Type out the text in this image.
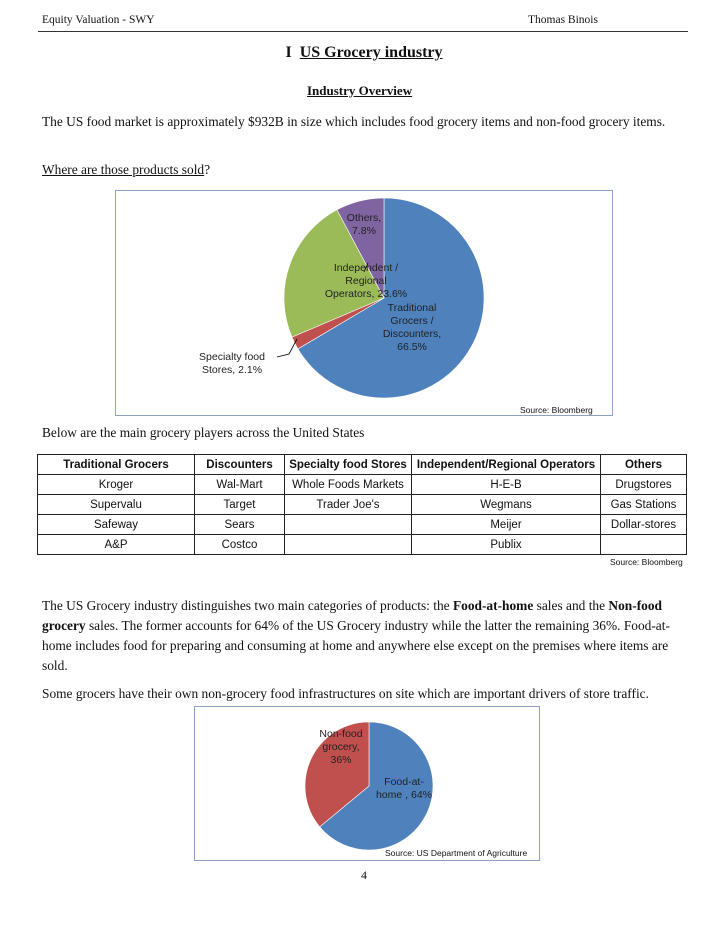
Equity Valuation - SWY	Thomas Binois
I US Grocery industry
Industry Overview
The US food market is approximately $932B in size which includes food grocery items and non-food grocery items.
Where are those products sold?
Others, 7.8%
Independent / Regional Operators, 23.6%
Traditional Grocers / Discounters, 66.5%
Specialty food Stores, 2.1%
Source: Bloomberg
Below are the main grocery players across the United States
Traditional Grocers	Discounters	Specialty food Stores	Independent/Regional Operators	Others
Kroger	Wal-Mart	Whole Foods Markets	H-E-B	Drugstores
Supervalu	Target	Trader Joe's	Wegmans	Gas Stations
Safeway	Sears		Meijer	Dollar-stores
A&P	Costco		Publix	
Source: Bloomberg
The US Grocery industry distinguishes two main categories of products: the Food-at-home sales and the Non-food grocery sales. The former accounts for 64% of the US Grocery industry while the latter the remaining 36%. Food-at-home includes food for preparing and consuming at home and anywhere else except on the premises where items are sold.
Non-food grocery, 36%
Food-at-home , 64%
Source: US Department of Agriculture
Some grocers have their own non-grocery food infrastructures on site which are important drivers of store traffic.
4
